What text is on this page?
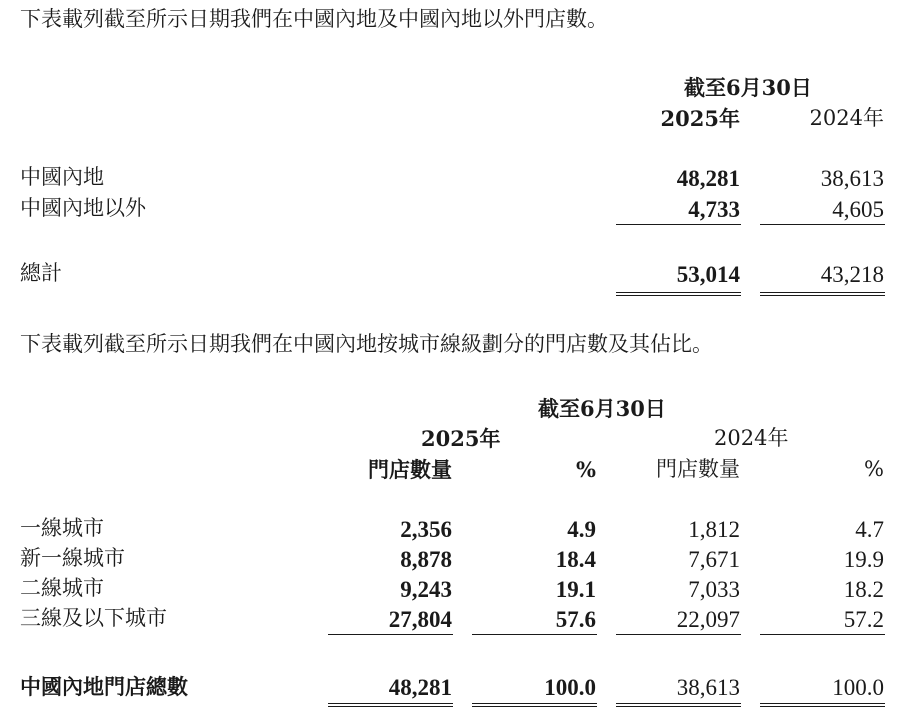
下表載列截至所示日期我們在中國內地及中國內地以外門店數。
截至6月30日
2025年	2024年
中國內地	48,281	38,613
中國內地以外	4,733	4,605
總計	53,014	43,218
下表載列截至所示日期我們在中國內地按城市線級劃分的門店數及其佔比。
截至6月30日
2025年	2024年
門店數量	%	門店數量	%
一線城市	2,356	4.9	1,812	4.7
新一線城市	8,878	18.4	7,671	19.9
二線城市	9,243	19.1	7,033	18.2
三線及以下城市	27,804	57.6	22,097	57.2
中國內地門店總數	48,281	100.0	38,613	100.0
